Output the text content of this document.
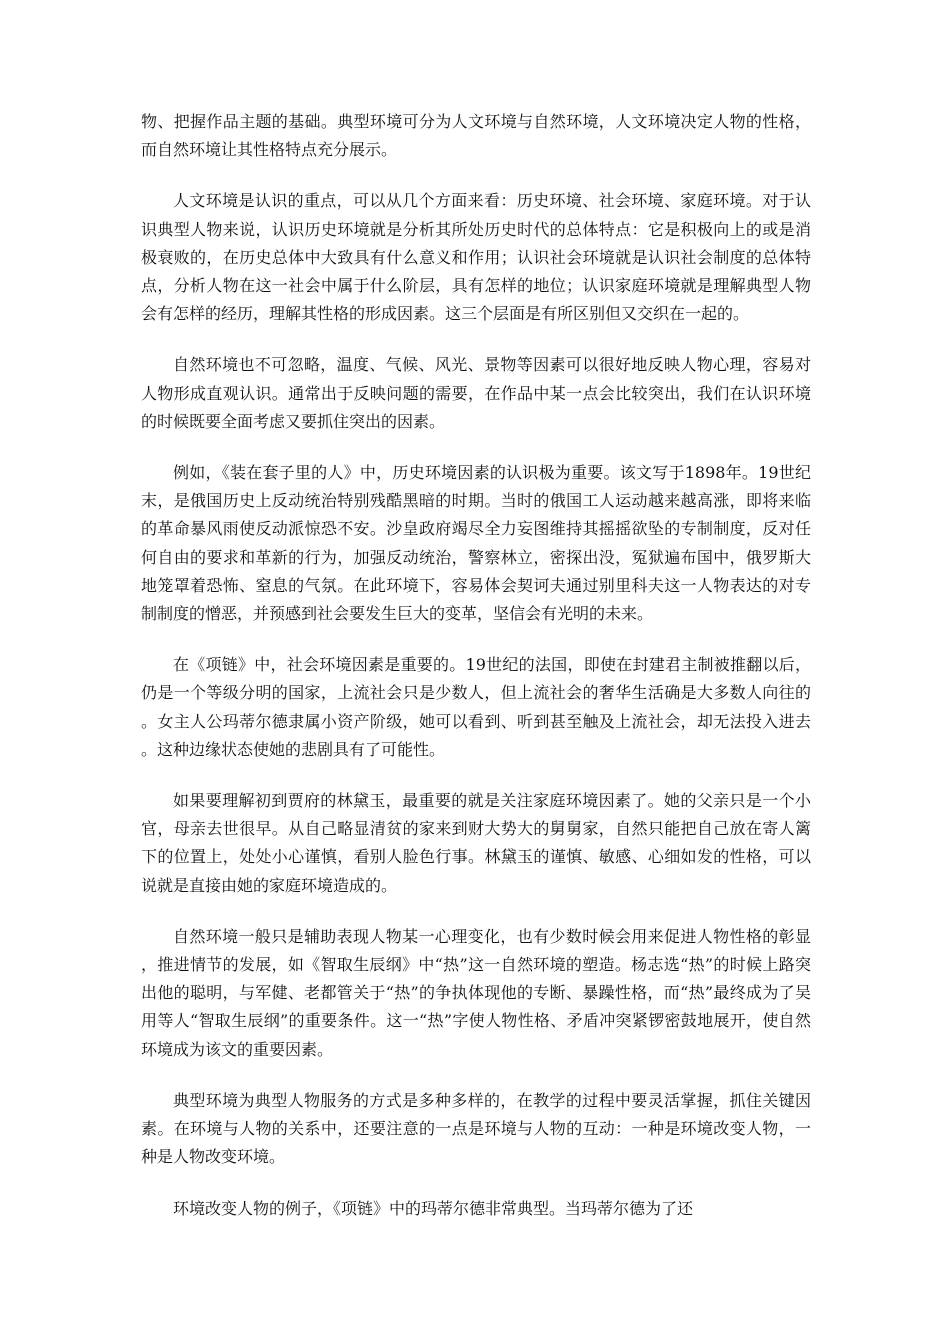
物、把握作品主题的基础。典型环境可分为人文环境与自然环境，人文环境决定人物的性格，而自然环境让其性格特点充分展示。

人文环境是认识的重点，可以从几个方面来看：历史环境、社会环境、家庭环境。对于认识典型人物来说，认识历史环境就是分析其所处历史时代的总体特点：它是积极向上的或是消极衰败的，在历史总体中大致具有什么意义和作用；认识社会环境就是认识社会制度的总体特点，分析人物在这一社会中属于什么阶层，具有怎样的地位；认识家庭环境就是理解典型人物会有怎样的经历，理解其性格的形成因素。这三个层面是有所区别但又交织在一起的。

自然环境也不可忽略，温度、气候、风光、景物等因素可以很好地反映人物心理，容易对人物形成直观认识。通常出于反映问题的需要，在作品中某一点会比较突出，我们在认识环境的时候既要全面考虑又要抓住突出的因素。

例如，《装在套子里的人》中，历史环境因素的认识极为重要。该文写于1898年。19世纪末，是俄国历史上反动统治特别残酷黑暗的时期。当时的俄国工人运动越来越高涨，即将来临的革命暴风雨使反动派惊恐不安。沙皇政府竭尽全力妄图维持其摇摇欲坠的专制制度，反对任何自由的要求和革新的行为，加强反动统治，警察林立，密探出没，冤狱遍布国中，俄罗斯大地笼罩着恐怖、窒息的气氛。在此环境下，容易体会契诃夫通过别里科夫这一人物表达的对专制制度的憎恶，并预感到社会要发生巨大的变革，坚信会有光明的未来。

在《项链》中，社会环境因素是重要的。19世纪的法国，即使在封建君主制被推翻以后，仍是一个等级分明的国家，上流社会只是少数人，但上流社会的奢华生活确是大多数人向往的。女主人公玛蒂尔德隶属小资产阶级，她可以看到、听到甚至触及上流社会，却无法投入进去。这种边缘状态使她的悲剧具有了可能性。

如果要理解初到贾府的林黛玉，最重要的就是关注家庭环境因素了。她的父亲只是一个小官，母亲去世很早。从自己略显清贫的家来到财大势大的舅舅家，自然只能把自己放在寄人篱下的位置上，处处小心谨慎，看别人脸色行事。林黛玉的谨慎、敏感、心细如发的性格，可以说就是直接由她的家庭环境造成的。

自然环境一般只是辅助表现人物某一心理变化，也有少数时候会用来促进人物性格的彰显，推进情节的发展，如《智取生辰纲》中“热”这一自然环境的塑造。杨志选“热”的时候上路突出他的聪明，与军健、老都管关于“热”的争执体现他的专断、暴躁性格，而“热”最终成为了吴用等人“智取生辰纲”的重要条件。这一“热”字使人物性格、矛盾冲突紧锣密鼓地展开，使自然环境成为该文的重要因素。

典型环境为典型人物服务的方式是多种多样的，在教学的过程中要灵活掌握，抓住关键因素。在环境与人物的关系中，还要注意的一点是环境与人物的互动：一种是环境改变人物，一种是人物改变环境。

环境改变人物的例子，《项链》中的玛蒂尔德非常典型。当玛蒂尔德为了还
